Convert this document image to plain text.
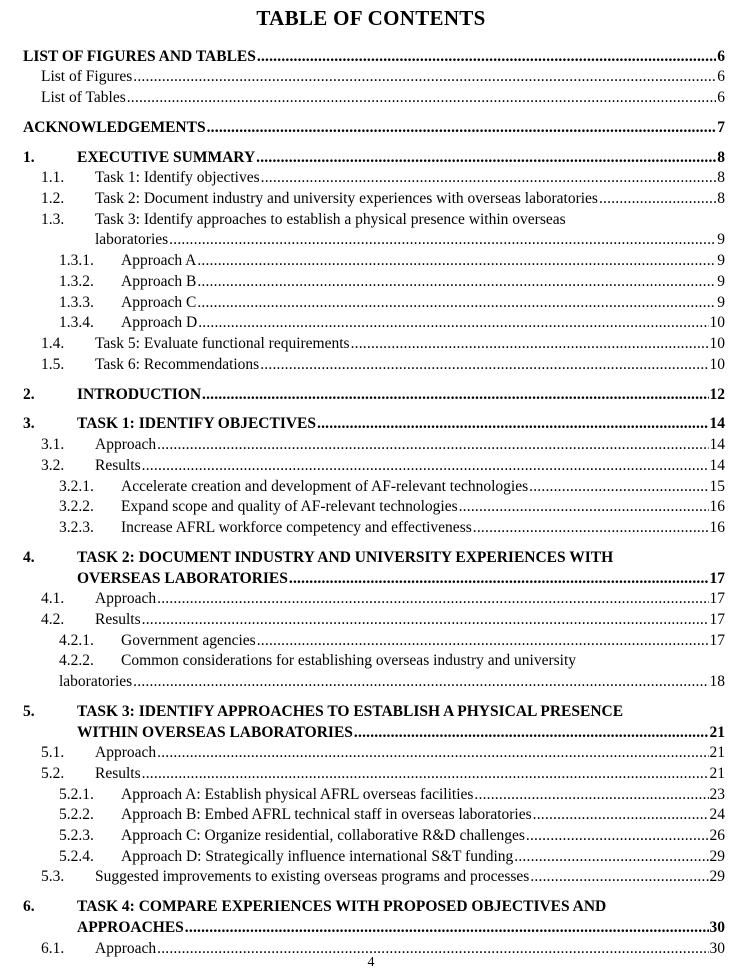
TABLE OF CONTENTS
LIST OF FIGURES AND TABLES .....	6
List of Figures .....	6
List of Tables .....	6
ACKNOWLEDGEMENTS .....	7
1.	EXECUTIVE SUMMARY .....	8
1.1. Task 1: Identify objectives .....	8
1.2. Task 2: Document industry and university experiences with overseas laboratories .....	8
1.3. Task 3: Identify approaches to establish a physical presence within overseas
laboratories .....	9
1.3.1. Approach A .....	9
1.3.2. Approach B .....	9
1.3.3. Approach C .....	9
1.3.4. Approach D .....	10
1.4. Task 5: Evaluate functional requirements .....	10
1.5. Task 6: Recommendations .....	10
2.	INTRODUCTION .....	12
3.	TASK 1: IDENTIFY OBJECTIVES .....	14
3.1. Approach .....	14
3.2. Results .....	14
3.2.1. Accelerate creation and development of AF-relevant technologies .....	15
3.2.2. Expand scope and quality of AF-relevant technologies .....	16
3.2.3. Increase AFRL workforce competency and effectiveness .....	16
4.	TASK 2: DOCUMENT INDUSTRY AND UNIVERSITY EXPERIENCES WITH
OVERSEAS LABORATORIES .....	17
4.1. Approach .....	17
4.2. Results .....	17
4.2.1. Government agencies .....	17
4.2.2. Common considerations for establishing overseas industry and university
laboratories .....	18
5.	TASK 3: IDENTIFY APPROACHES TO ESTABLISH A PHYSICAL PRESENCE
WITHIN OVERSEAS LABORATORIES .....	21
5.1. Approach .....	21
5.2. Results .....	21
5.2.1. Approach A: Establish physical AFRL overseas facilities .....	23
5.2.2. Approach B: Embed AFRL technical staff in overseas laboratories .....	24
5.2.3. Approach C: Organize residential, collaborative R&D challenges .....	26
5.2.4. Approach D: Strategically influence international S&T funding .....	29
5.3. Suggested improvements to existing overseas programs and processes .....	29
6.	TASK 4: COMPARE EXPERIENCES WITH PROPOSED OBJECTIVES AND
APPROACHES .....	30
6.1. Approach .....	30
4
